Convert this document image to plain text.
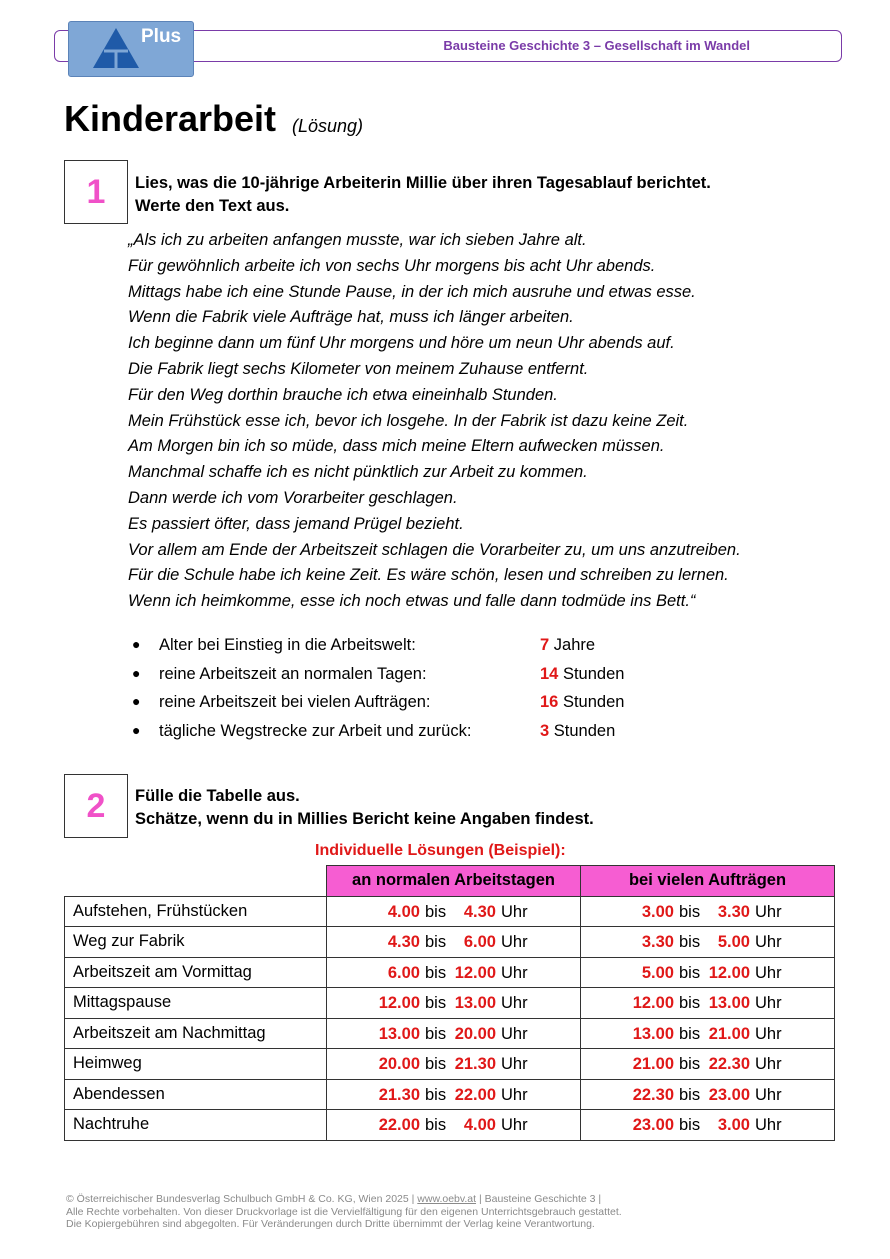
Plus	Bausteine Geschichte 3 – Gesellschaft im Wandel
Kinderarbeit (Lösung)
1	Lies, was die 10-jährige Arbeiterin Millie über ihren Tagesablauf berichtet.
Werte den Text aus.
„Als ich zu arbeiten anfangen musste, war ich sieben Jahre alt.
Für gewöhnlich arbeite ich von sechs Uhr morgens bis acht Uhr abends.
Mittags habe ich eine Stunde Pause, in der ich mich ausruhe und etwas esse.
Wenn die Fabrik viele Aufträge hat, muss ich länger arbeiten.
Ich beginne dann um fünf Uhr morgens und höre um neun Uhr abends auf.
Die Fabrik liegt sechs Kilometer von meinem Zuhause entfernt.
Für den Weg dorthin brauche ich etwa eineinhalb Stunden.
Mein Frühstück esse ich, bevor ich losgehe. In der Fabrik ist dazu keine Zeit.
Am Morgen bin ich so müde, dass mich meine Eltern aufwecken müssen.
Manchmal schaffe ich es nicht pünktlich zur Arbeit zu kommen.
Dann werde ich vom Vorarbeiter geschlagen.
Es passiert öfter, dass jemand Prügel bezieht.
Vor allem am Ende der Arbeitszeit schlagen die Vorarbeiter zu, um uns anzutreiben.
Für die Schule habe ich keine Zeit. Es wäre schön, lesen und schreiben zu lernen.
Wenn ich heimkomme, esse ich noch etwas und falle dann todmüde ins Bett.“
● Alter bei Einstieg in die Arbeitswelt:	7 Jahre
● reine Arbeitszeit an normalen Tagen:	14 Stunden
● reine Arbeitszeit bei vielen Aufträgen:	16 Stunden
● tägliche Wegstrecke zur Arbeit und zurück:	3 Stunden
2	Fülle die Tabelle aus.
Schätze, wenn du in Millies Bericht keine Angaben findest.
Individuelle Lösungen (Beispiel):
	an normalen Arbeitstagen	bei vielen Aufträgen
Aufstehen, Frühstücken	4.00 bis 4.30 Uhr	3.00 bis 3.30 Uhr

Weg zur Fabrik	4.30 bis 6.00 Uhr	3.30 bis 5.00 Uhr

Arbeitszeit am Vormittag	6.00 bis 12.00 Uhr	5.00 bis 12.00 Uhr

Mittagspause	12.00 bis 13.00 Uhr	12.00 bis 13.00 Uhr

Arbeitszeit am Nachmittag	13.00 bis 20.00 Uhr	13.00 bis 21.00 Uhr

Heimweg	20.00 bis 21.30 Uhr	21.00 bis 22.30 Uhr

Abendessen	21.30 bis 22.00 Uhr	22.30 bis 23.00 Uhr

Nachtruhe	22.00 bis 4.00 Uhr	23.00 bis 3.00 Uhr
© Österreichischer Bundesverlag Schulbuch GmbH & Co. KG, Wien 2025 | www.oebv.at | Bausteine Geschichte 3 |
Alle Rechte vorbehalten. Von dieser Druckvorlage ist die Vervielfältigung für den eigenen Unterrichtsgebrauch gestattet.
Die Kopiergebühren sind abgegolten. Für Veränderungen durch Dritte übernimmt der Verlag keine Verantwortung.
